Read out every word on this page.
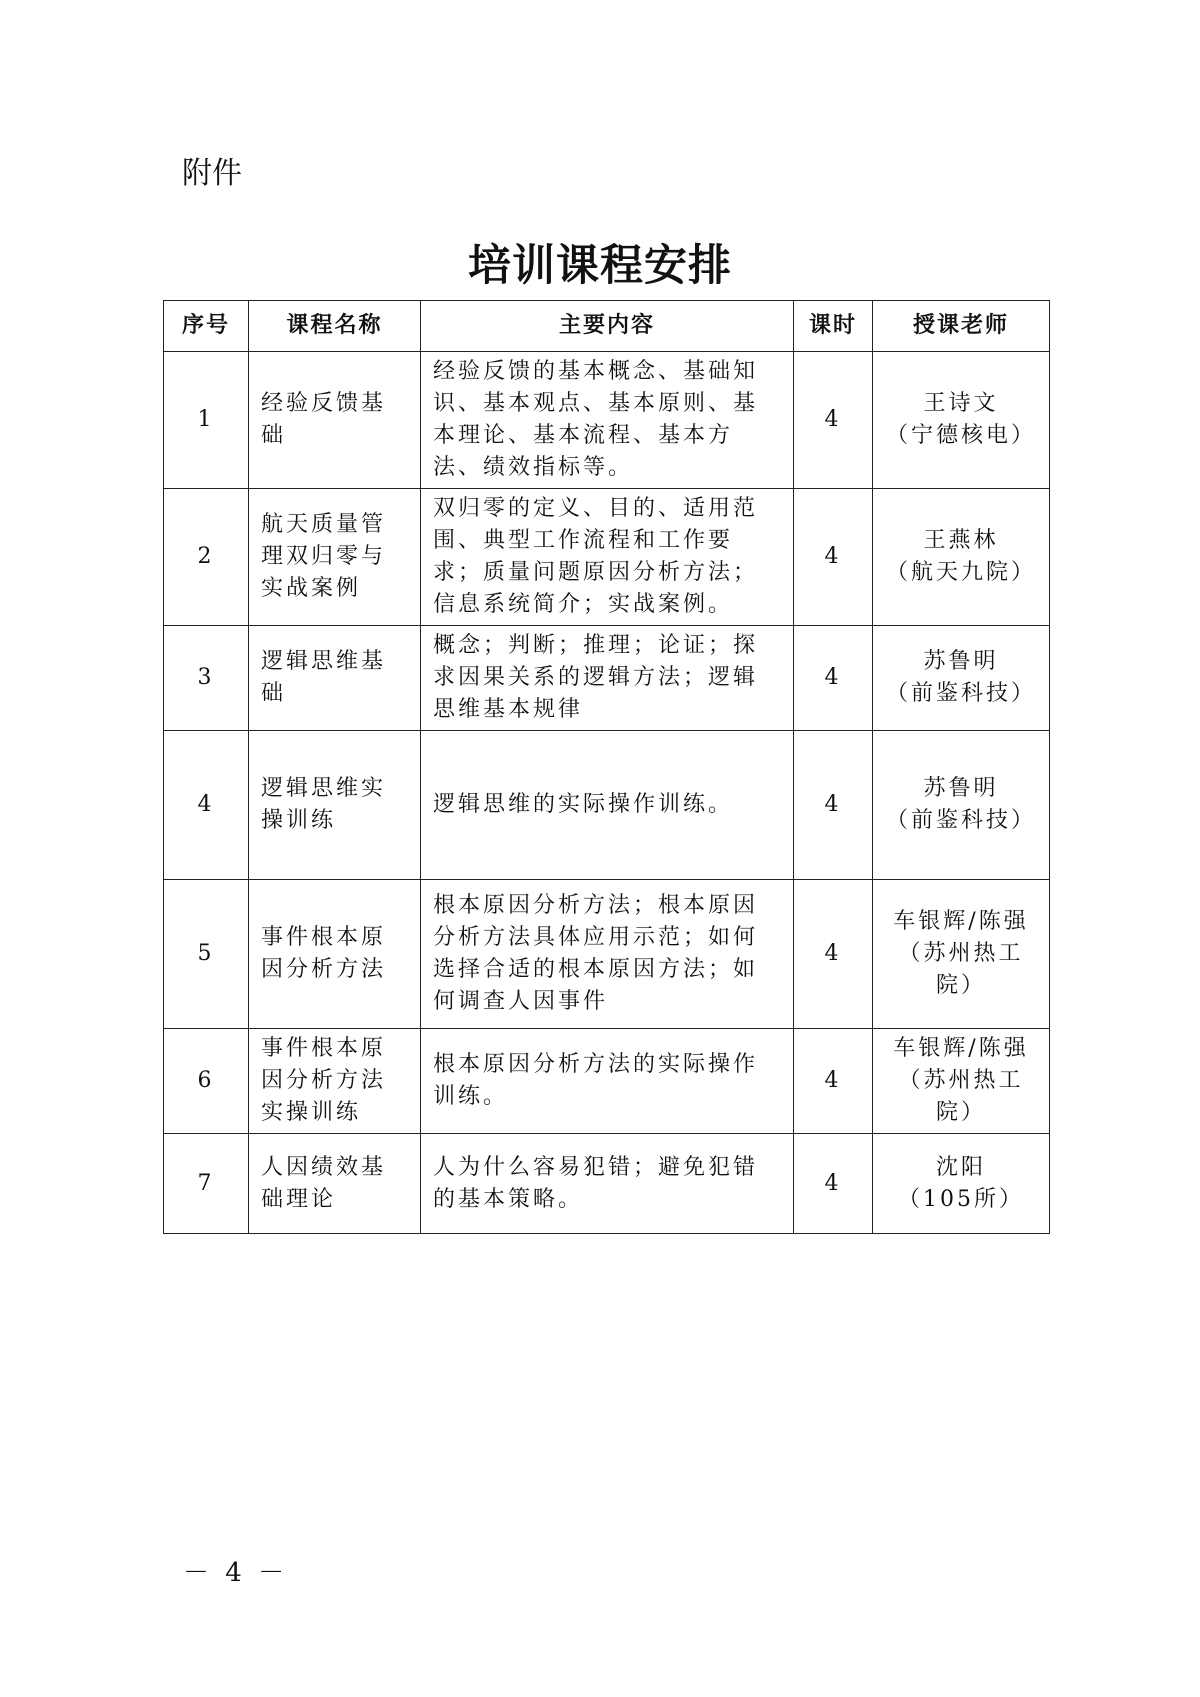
附件

培训课程安排
序号	课程名称	主要内容	课时	授课老师
1	经验反馈基础	经验反馈的基本概念、基础知识、基本观点、基本原则、基本理论、基本流程、基本方法、绩效指标等。	4	王诗文
（宁德核电）

2	航天质量管理双归零与实战案例	双归零的定义、目的、适用范围、典型工作流程和工作要求；质量问题原因分析方法；信息系统简介；实战案例。	4	王燕林
（航天九院）

3	逻辑思维基础	概念；判断；推理；论证；探求因果关系的逻辑方法；逻辑思维基本规律	4	苏鲁明
（前鉴科技）

4	逻辑思维实操训练	逻辑思维的实际操作训练。	4	苏鲁明
（前鉴科技）

5	事件根本原因分析方法	根本原因分析方法；根本原因分析方法具体应用示范；如何选择合适的根本原因方法；如何调查人因事件	4	车银辉/陈强
（苏州热工院）

6	事件根本原因分析方法实操训练	根本原因分析方法的实际操作训练。	4	车银辉/陈强
（苏州热工院）

7	人因绩效基础理论	人为什么容易犯错；避免犯错的基本策略。	4	沈阳
（105所）

－ 4 －
